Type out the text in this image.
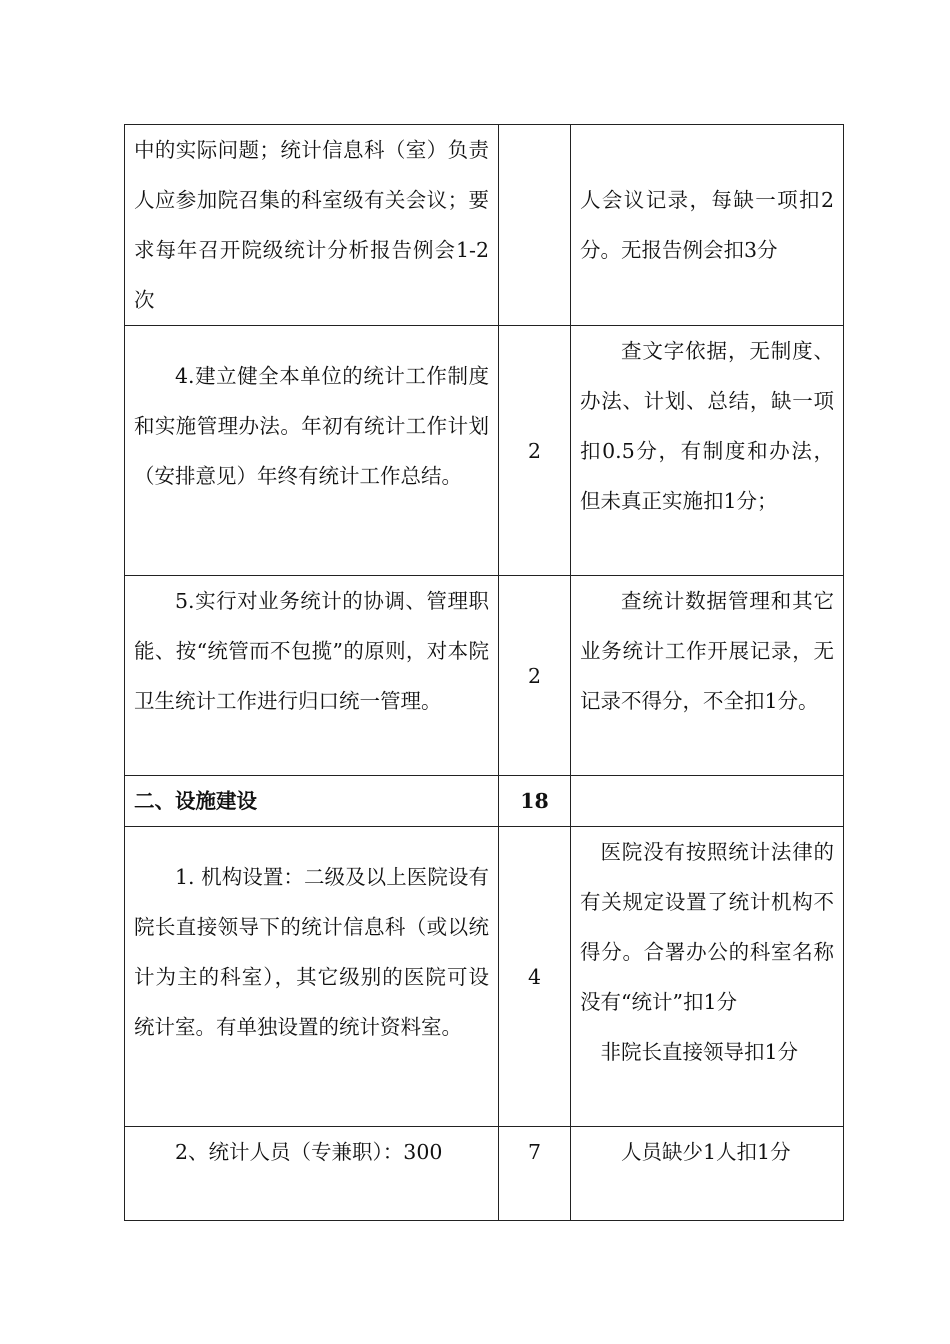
中的实际问题；统计信息科（室）负责人应参加院召集的科室级有关会议；要求每年召开院级统计分析报告例会1-2次		人会议记录，每缺一项扣2分。无报告例会扣3分

4.建立健全本单位的统计工作制度和实施管理办法。年初有统计工作计划（安排意见）年终有统计工作总结。	2	查文字依据，无制度、办法、计划、总结，缺一项扣0.5分，有制度和办法，但未真正实施扣1分；

5.实行对业务统计的协调、管理职能、按“统管而不包揽”的原则，对本院卫生统计工作进行归口统一管理。	2	查统计数据管理和其它业务统计工作开展记录，无记录不得分，不全扣1分。

二、设施建设	18	

1. 机构设置：二级及以上医院设有院长直接领导下的统计信息科（或以统计为主的科室），其它级别的医院可设统计室。有单独设置的统计资料室。	4	医院没有按照统计法律的有关规定设置了统计机构不得分。合署办公的科室名称没有“统计”扣1分

非院长直接领导扣1分

2、统计人员（专兼职）：300	7	人员缺少1人扣1分
